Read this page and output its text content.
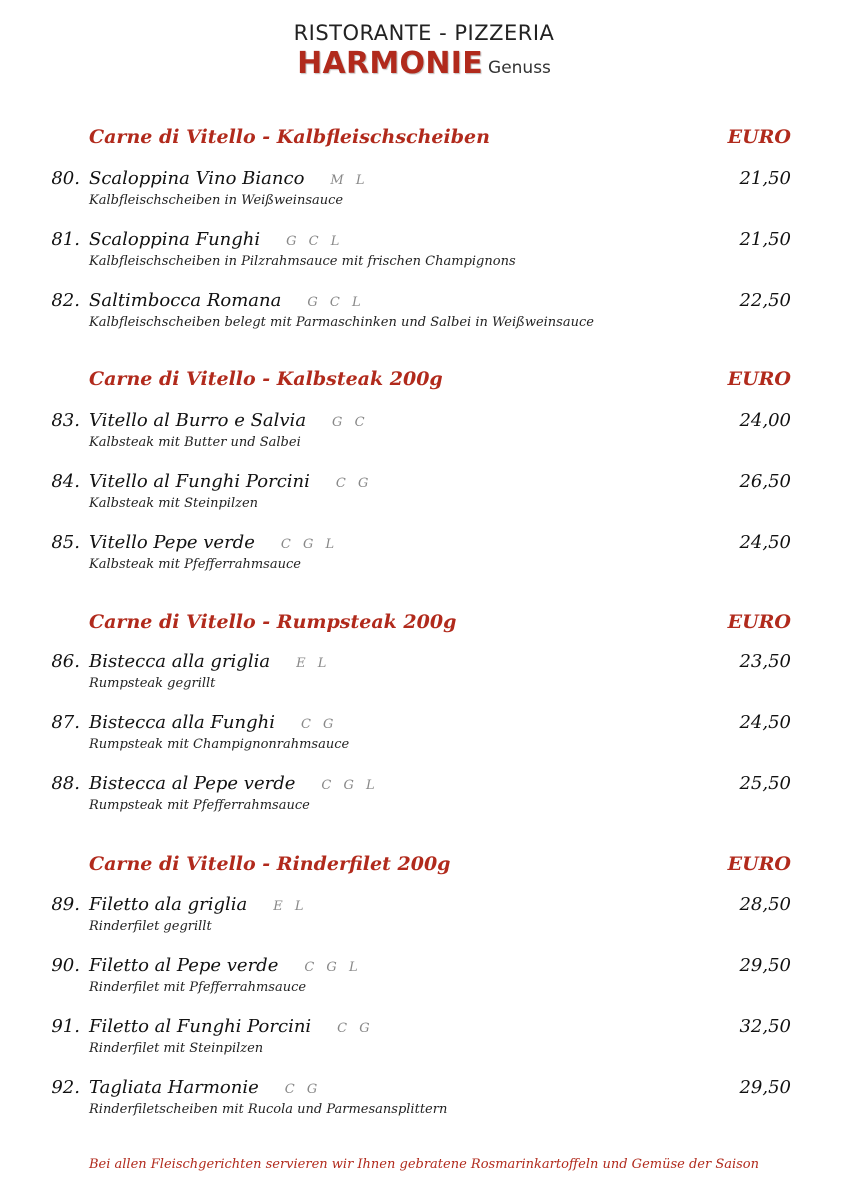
RISTORANTE - PIZZERIA
HARMONIE Genuss
Carne di Vitello - Kalbfleischscheiben	EURO
80. Scaloppina Vino Bianco M L	21,50
Kalbfleischscheiben in Weißweinsauce
81. Scaloppina Funghi G C L	21,50
Kalbfleischscheiben in Pilzrahmsauce mit frischen Champignons
82. Saltimbocca Romana G C L	22,50
Kalbfleischscheiben belegt mit Parmaschinken und Salbei in Weißweinsauce
Carne di Vitello - Kalbsteak 200g	EURO
83. Vitello al Burro e Salvia G C	24,00
Kalbsteak mit Butter und Salbei
84. Vitello al Funghi Porcini C G	26,50
Kalbsteak mit Steinpilzen
85. Vitello Pepe verde C G L	24,50
Kalbsteak mit Pfefferrahmsauce
Carne di Vitello - Rumpsteak 200g	EURO
86. Bistecca alla griglia E L	23,50
Rumpsteak gegrillt
87. Bistecca alla Funghi C G	24,50
Rumpsteak mit Champignonrahmsauce
88. Bistecca al Pepe verde C G L	25,50
Rumpsteak mit Pfefferrahmsauce
Carne di Vitello - Rinderfilet 200g	EURO
89. Filetto ala griglia E L	28,50
Rinderfilet gegrillt
90. Filetto al Pepe verde C G L	29,50
Rinderfilet mit Pfefferrahmsauce
91. Filetto al Funghi Porcini C G	32,50
Rinderfilet mit Steinpilzen
92. Tagliata Harmonie C G	29,50
Rinderfiletscheiben mit Rucola und Parmesansplittern
Bei allen Fleischgerichten servieren wir Ihnen gebratene Rosmarinkartoffeln und Gemüse der Saison
